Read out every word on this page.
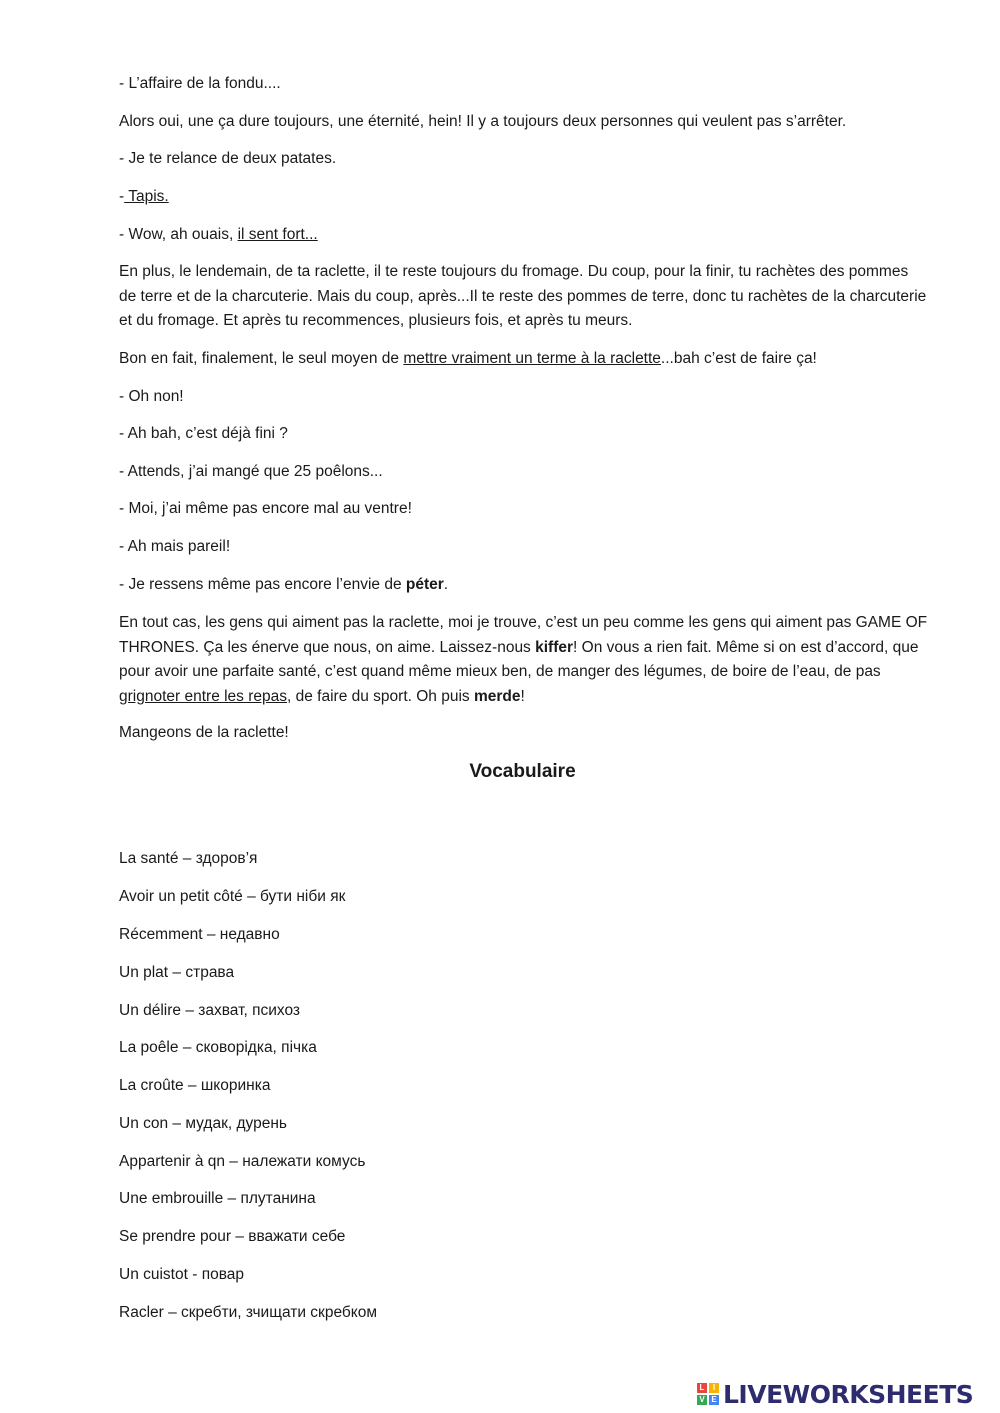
- L’affaire de la fondu....

Alors oui, une ça dure toujours, une éternité, hein! Il y a toujours deux personnes qui veulent pas s’arrêter.

- Je te relance de deux patates.

- Tapis.

- Wow, ah ouais, il sent fort...

En plus, le lendemain, de ta raclette, il te reste toujours du fromage. Du coup, pour la finir, tu rachètes des pommes de terre et de la charcuterie. Mais du coup, après...Il te reste des pommes de terre, donc tu rachètes de la charcuterie et du fromage. Et après tu recommences, plusieurs fois, et après tu meurs.

Bon en fait, finalement, le seul moyen de mettre vraiment un terme à la raclette...bah c’est de faire ça!

- Oh non!

- Ah bah, c’est déjà fini ?

- Attends, j’ai mangé que 25 poêlons...

- Moi, j’ai même pas encore mal au ventre!

- Ah mais pareil!

- Je ressens même pas encore l’envie de péter.

En tout cas, les gens qui aiment pas la raclette, moi je trouve, c’est un peu comme les gens qui aiment pas GAME OF THRONES. Ça les énerve que nous, on aime. Laissez-nous kiffer! On vous a rien fait. Même si on est d’accord, que pour avoir une parfaite santé, c’est quand même mieux ben, de manger des légumes, de boire de l’eau, de pas grignoter entre les repas, de faire du sport. Oh puis merde!

Mangeons de la raclette!

Vocabulaire

La santé – здоров’я

Avoir un petit côté – бути ніби як

Récemment – недавно

Un plat – страва

Un délire – захват, психоз

La poêle – сковорідка, пічка

La croûte – шкоринка

Un con – мудак, дурень

Appartenir à qn – належати комусь

Une embrouille – плутанина

Se prendre pour – вважати себе

Un cuistot - повар

Racler – скребти, зчищати скребком

L	I
V E LIVEWORKSHEETS
